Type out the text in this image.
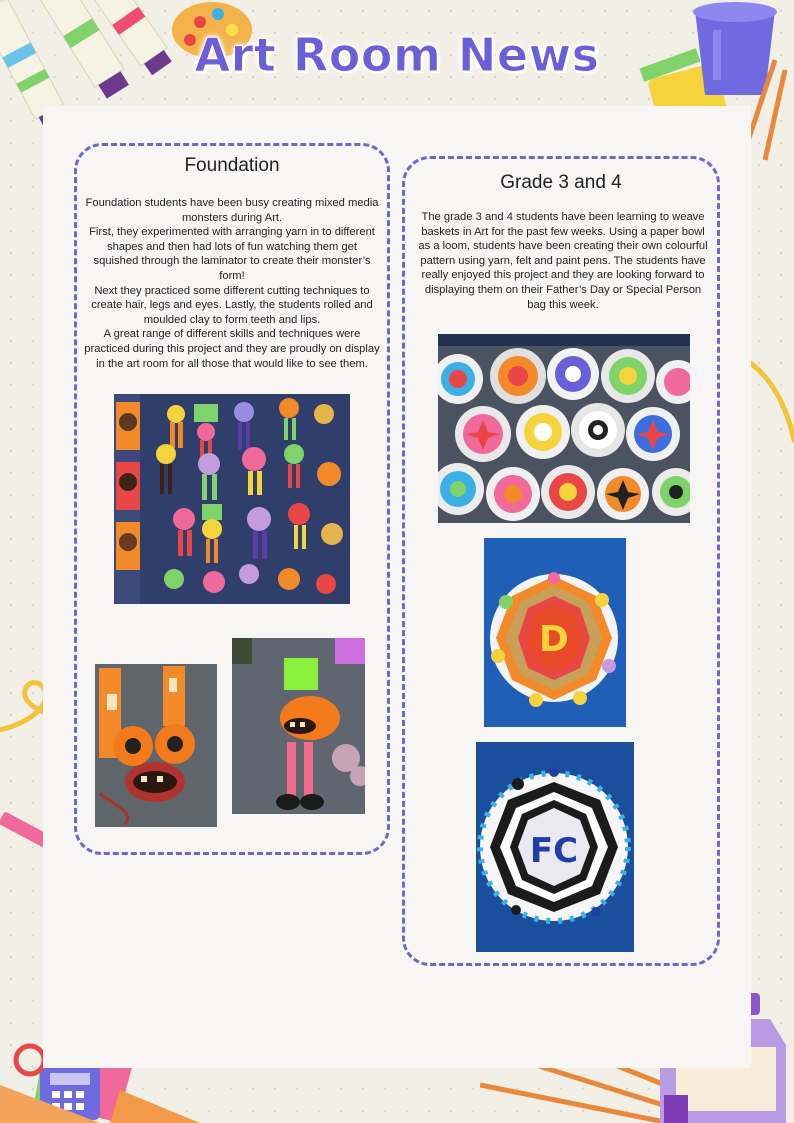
Art Room News
Foundation

Foundation students have been busy creating mixed media monsters during Art.

First, they experimented with arranging yarn in to different shapes and then had lots of fun watching them get squished through the laminator to create their monster’s form!

Next they practiced some different cutting techniques to create hair, legs and eyes. Lastly, the students rolled and moulded clay to form teeth and lips.

A great range of different skills and techniques were practiced during this project and they are proudly on display in the art room for all those that would like to see them.

Grade 3 and 4

The grade 3 and 4 students have been learning to weave baskets in Art for the past few weeks. Using a paper bowl as a loom, students have been creating their own colourful pattern using yarn, felt and paint pens. The students have really enjoyed this project and they are looking forward to displaying them on their Father’s Day or Special Person bag this week.

D
FC
